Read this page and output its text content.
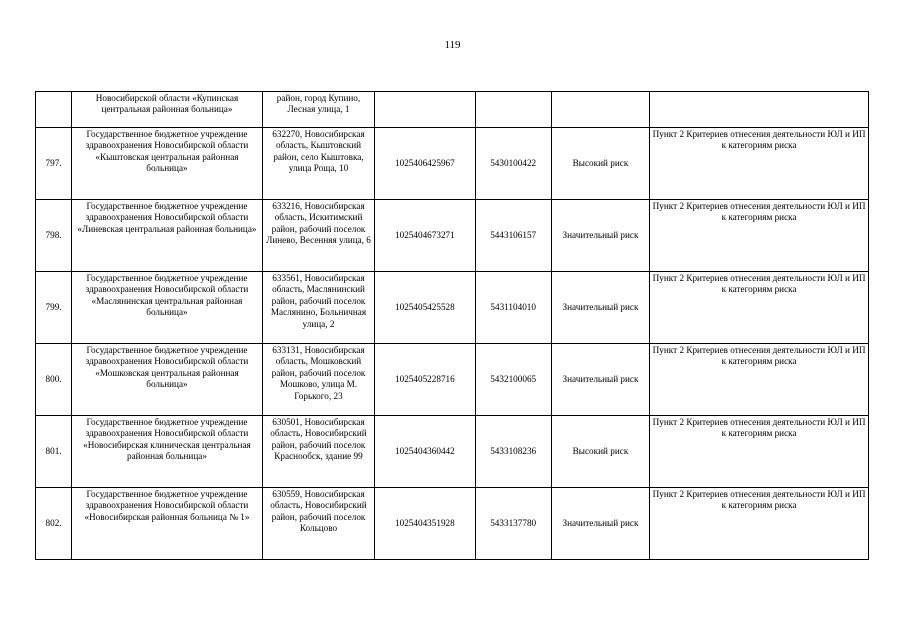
119
	Новосибирской области «Купинская центральная районная больница»	район, город Купино, Лесная улица, 1				
797.	Государственное бюджетное учреждение здравоохранения Новосибирской области «Кыштовская центральная районная больница»	632270, Новосибирская область, Кыштовский район, село Кыштовка, улица Роща, 10	1025406425967	5430100422	Высокий риск	Пункт 2 Критериев отнесения деятельности ЮЛ и ИП к категориям риска
798.	Государственное бюджетное учреждение здравоохранения Новосибирской области «Линевская центральная районная больница»	633216, Новосибирская область, Искитимский район, рабочий поселок Линево, Весенняя улица, 6	1025404673271	5443106157	Значительный риск	Пункт 2 Критериев отнесения деятельности ЮЛ и ИП к категориям риска
799.	Государственное бюджетное учреждение здравоохранения Новосибирской области «Маслянинская центральная районная больница»	633561, Новосибирская область, Маслянинский район, рабочий поселок Маслянино, Больничная улица, 2	1025405425528	5431104010	Значительный риск	Пункт 2 Критериев отнесения деятельности ЮЛ и ИП к категориям риска
800.	Государственное бюджетное учреждение здравоохранения Новосибирской области «Мошковская центральная районная больница»	633131, Новосибирская область, Мошковский район, рабочий поселок Мошково, улица М. Горького, 23	1025405228716	5432100065	Значительный риск	Пункт 2 Критериев отнесения деятельности ЮЛ и ИП к категориям риска
801.	Государственное бюджетное учреждение здравоохранения Новосибирской области «Новосибирская клиническая центральная районная больница»	630501, Новосибирская область, Новосибирский район, рабочий поселок Краснообск, здание 99	1025404360442	5433108236	Высокий риск	Пункт 2 Критериев отнесения деятельности ЮЛ и ИП к категориям риска
802.	Государственное бюджетное учреждение здравоохранения Новосибирской области «Новосибирская районная больница № 1»	630559, Новосибирская область, Новосибирский район, рабочий поселок Кольцово	1025404351928	5433137780	Значительный риск	Пункт 2 Критериев отнесения деятельности ЮЛ и ИП к категориям риска
